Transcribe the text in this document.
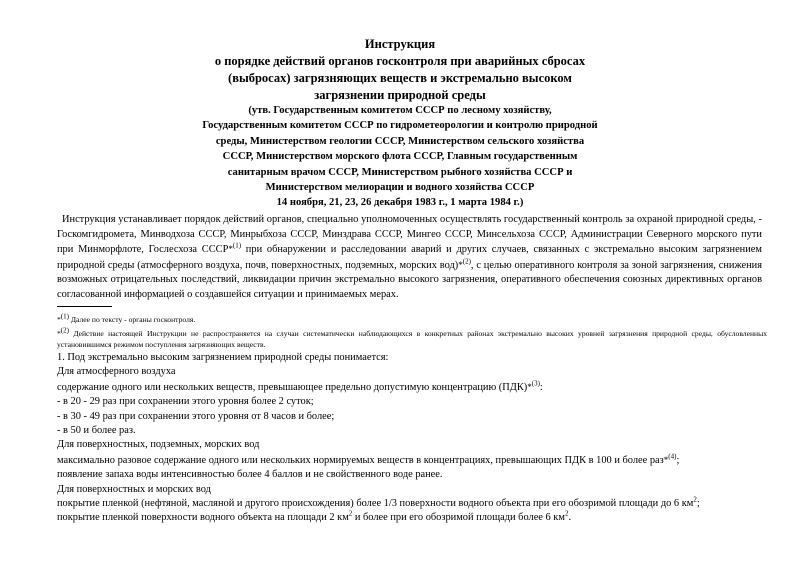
Инструкция
о порядке действий органов госконтроля при аварийных сбросах
(выбросах) загрязняющих веществ и экстремально высоком
загрязнении природной среды
(утв. Государственным комитетом СССР по лесному хозяйству,
Государственным комитетом СССР по гидрометеорологии и контролю природной
среды, Министерством геологии СССР, Министерством сельского хозяйства
СССР, Министерством морского флота СССР, Главным государственным
санитарным врачом СССР, Министерством рыбного хозяйства СССР и
Министерством мелиорации и водного хозяйства СССР
14 ноября, 21, 23, 26 декабря 1983 г., 1 марта 1984 г.)
Инструкция устанавливает порядок действий органов, специально уполномоченных осуществлять государственный контроль за охраной природной среды, - Госкомгидромета, Минводхоза СССР, Минрыбхоза СССР, Минздрава СССР, Мингео СССР, Минсельхоза СССР, Администрации Северного морского пути при Минморфлоте, Гослесхоза СССР*$^{(1)}$ при обнаружении и расследовании аварий и других случаев, связанных с экстремально высоким загрязнением природной среды (атмосферного воздуха, почв, поверхностных, подземных, морских вод)*$^{(2)}$, с целью оперативного контроля за зоной загрязнения, снижения возможных отрицательных последствий, ликвидации причин экстремально высокого загрязнения, оперативного обеспечения союзных директивных органов согласованной информацией о создавшейся ситуации и принимаемых мерах.
*$^{(1)}$ Далее по тексту - органы госконтроля.
*$^{(2)}$ Действие настоящей Инструкции не распространяется на случаи систематически наблюдающихся в конкретных районах экстремально высоких уровней загрязнения природной среды, обусловленных установившимся режимом поступления загрязняющих веществ.

1. Под экстремально высоким загрязнением природной среды понимается:

Для атмосферного воздуха

содержание одного или нескольких веществ, превышающее предельно допустимую концентрацию (ПДК)*$^{(3)}$:

- в 20 - 29 раз при сохранении этого уровня более 2 суток;

- в 30 - 49 раз при сохранении этого уровня от 8 часов и более;

- в 50 и более раз.

Для поверхностных, подземных, морских вод

максимально разовое содержание одного или нескольких нормируемых веществ в концентрациях, превышающих ПДК в 100 и более раз*$^{(4)}$;

появление запаха воды интенсивностью более 4 баллов и не свойственного воде ранее.

Для поверхностных и морских вод

покрытие пленкой (нефтяной, масляной и другого происхождения) более 1/3 поверхности водного объекта при его обозримой площади до 6 $км^2$;

покрытие пленкой поверхности водного объекта на площади 2 $км^2$ и более при его обозримой площади более 6 $км^2$.
